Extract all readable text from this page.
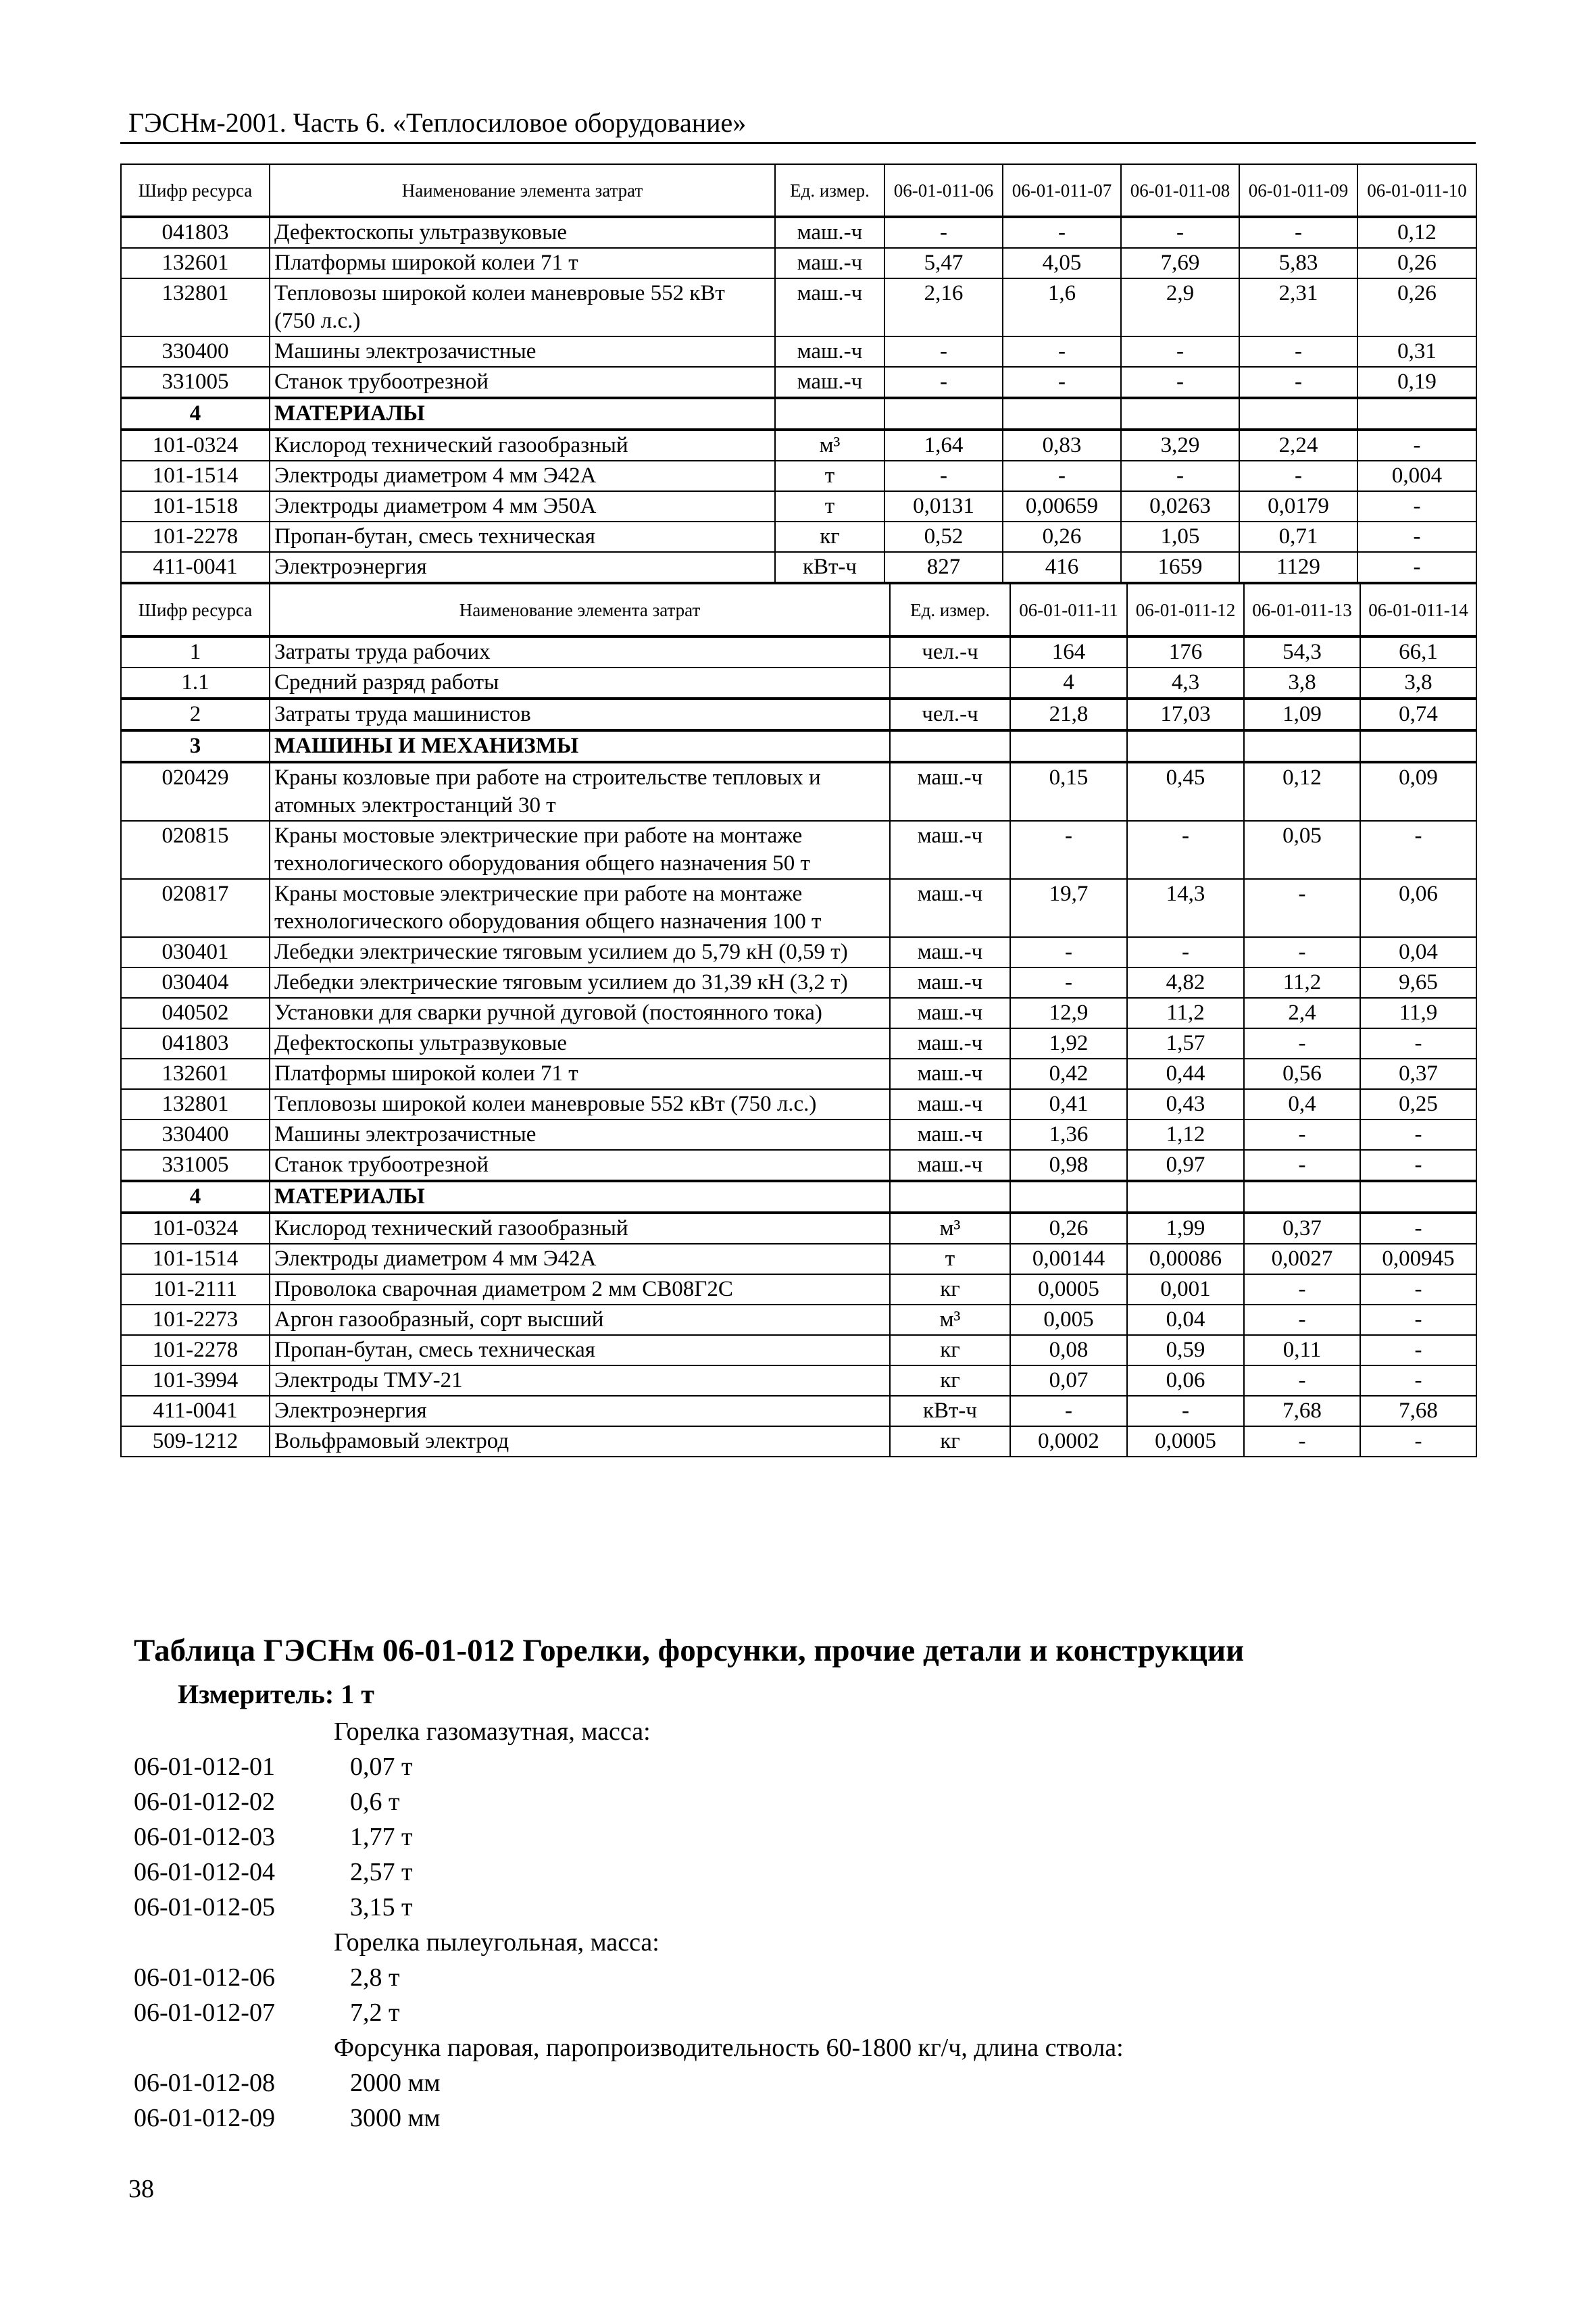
ГЭСНм-2001. Часть 6. «Теплосиловое оборудование»
Шифр ресурса	Наименование элемента затрат	Ед. измер.	06-01-011-06	06-01-011-07	06-01-011-08	06-01-011-09	06-01-011-10
041803	Дефектоскопы ультразвуковые	маш.-ч	-	-	-	-	0,12
132601	Платформы широкой колеи 71 т	маш.-ч	5,47	4,05	7,69	5,83	0,26
132801	Тепловозы широкой колеи маневровые 552 кВт (750 л.с.)	маш.-ч	2,16	1,6	2,9	2,31	0,26
330400	Машины электрозачистные	маш.-ч	-	-	-	-	0,31
331005	Станок трубоотрезной	маш.-ч	-	-	-	-	0,19
4	МАТЕРИАЛЫ						
101-0324	Кислород технический газообразный	м³	1,64	0,83	3,29	2,24	-
101-1514	Электроды диаметром 4 мм Э42А	т	-	-	-	-	0,004
101-1518	Электроды диаметром 4 мм Э50А	т	0,0131	0,00659	0,0263	0,0179	-
101-2278	Пропан-бутан, смесь техническая	кг	0,52	0,26	1,05	0,71	-
411-0041	Электроэнергия	кВт-ч	827	416	1659	1129	-
Шифр ресурса	Наименование элемента затрат	Ед. измер.	06-01-011-11	06-01-011-12	06-01-011-13	06-01-011-14
1	Затраты труда рабочих	чел.-ч	164	176	54,3	66,1
1.1	Средний разряд работы		4	4,3	3,8	3,8
2	Затраты труда машинистов	чел.-ч	21,8	17,03	1,09	0,74
3	МАШИНЫ И МЕХАНИЗМЫ					
020429	Краны козловые при работе на строительстве тепловых и атомных электростанций 30 т	маш.-ч	0,15	0,45	0,12	0,09
020815	Краны мостовые электрические при работе на монтаже технологического оборудования общего назначения 50 т	маш.-ч	-	-	0,05	-
020817	Краны мостовые электрические при работе на монтаже технологического оборудования общего назначения 100 т	маш.-ч	19,7	14,3	-	0,06
030401	Лебедки электрические тяговым усилием до 5,79 кН (0,59 т)	маш.-ч	-	-	-	0,04
030404	Лебедки электрические тяговым усилием до 31,39 кН (3,2 т)	маш.-ч	-	4,82	11,2	9,65
040502	Установки для сварки ручной дуговой (постоянного тока)	маш.-ч	12,9	11,2	2,4	11,9
041803	Дефектоскопы ультразвуковые	маш.-ч	1,92	1,57	-	-
132601	Платформы широкой колеи 71 т	маш.-ч	0,42	0,44	0,56	0,37
132801	Тепловозы широкой колеи маневровые 552 кВт (750 л.с.)	маш.-ч	0,41	0,43	0,4	0,25
330400	Машины электрозачистные	маш.-ч	1,36	1,12	-	-
331005	Станок трубоотрезной	маш.-ч	0,98	0,97	-	-
4	МАТЕРИАЛЫ					
101-0324	Кислород технический газообразный	м³	0,26	1,99	0,37	-
101-1514	Электроды диаметром 4 мм Э42А	т	0,00144	0,00086	0,0027	0,00945
101-2111	Проволока сварочная диаметром 2 мм СВ08Г2С	кг	0,0005	0,001	-	-
101-2273	Аргон газообразный, сорт высший	м³	0,005	0,04	-	-
101-2278	Пропан-бутан, смесь техническая	кг	0,08	0,59	0,11	-
101-3994	Электроды ТМУ-21	кг	0,07	0,06	-	-
411-0041	Электроэнергия	кВт-ч	-	-	7,68	7,68
509-1212	Вольфрамовый электрод	кг	0,0002	0,0005	-	-
Таблица ГЭСНм 06-01-012 Горелки, форсунки, прочие детали и конструкции
Измеритель: 1 т
Горелка газомазутная, масса:
06-01-012-01	0,07 т
06-01-012-02	0,6 т
06-01-012-03	1,77 т
06-01-012-04	2,57 т
06-01-012-05	3,15 т
Горелка пылеугольная, масса:
06-01-012-06	2,8 т
06-01-012-07	7,2 т
Форсунка паровая, паропроизводительность 60-1800 кг/ч, длина ствола:
06-01-012-08	2000 мм
06-01-012-09	3000 мм
38
